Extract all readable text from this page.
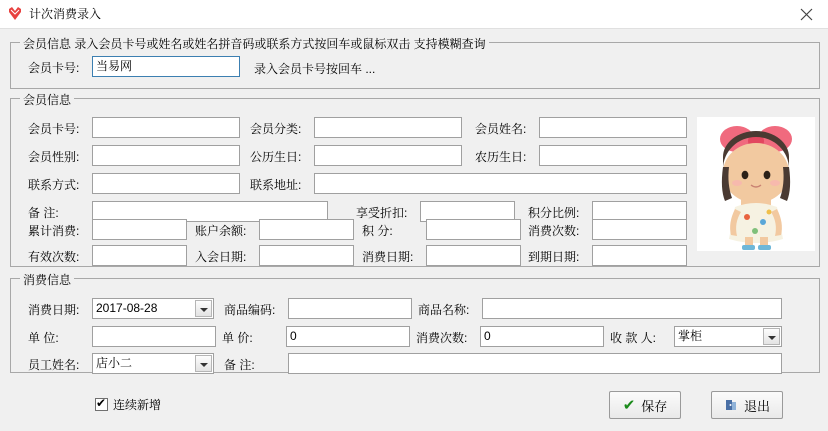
计次消费录入
会员信息 录入会员卡号或姓名或姓名拼音码或联系方式按回车或鼠标双击 支持模糊查询
会员卡号:	当易网	录入会员卡号按回车 ...
会员信息
会员卡号:	会员分类:	会员姓名:
会员性别:	公历生日:	农历生日:
联系方式:	联系地址:
备 注:	享受折扣:	积分比例:
累计消费:	账户余额:	积 分:	消费次数:
有效次数:	入会日期:	消费日期:	到期日期:
消费信息
消费日期:	2017-08-28	商品编码:	商品名称:
单 位:	单 价:	0	消费次数:	0	收 款 人:	掌柜
员工姓名:	店小二	备 注:
✔
连续新增	✔ 保存	退出
